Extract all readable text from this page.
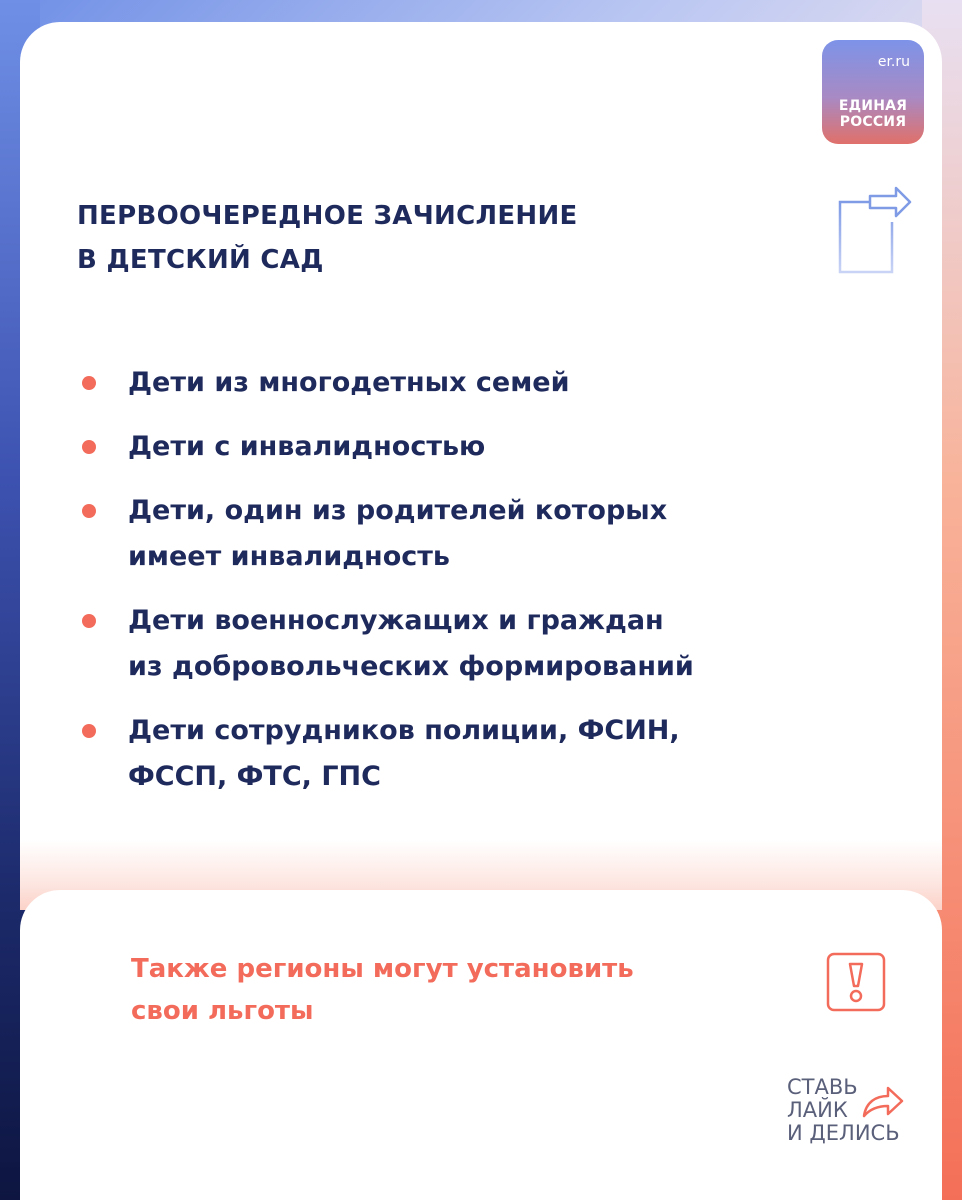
er.ru
ЕДИНАЯ
РОССИЯ
ПЕРВООЧЕРЕДНОЕ ЗАЧИСЛЕНИЕ
В ДЕТСКИЙ САД
Дети из многодетных семей
Дети с инвалидностью
Дети, один из родителей которых
имеет инвалидность
Дети военнослужащих и граждан
из добровольческих формирований
Дети сотрудников полиции, ФСИН,
ФССП, ФТС, ГПС
Также регионы могут установить
свои льготы
СТАВЬ
ЛАЙК
И ДЕЛИСЬ
